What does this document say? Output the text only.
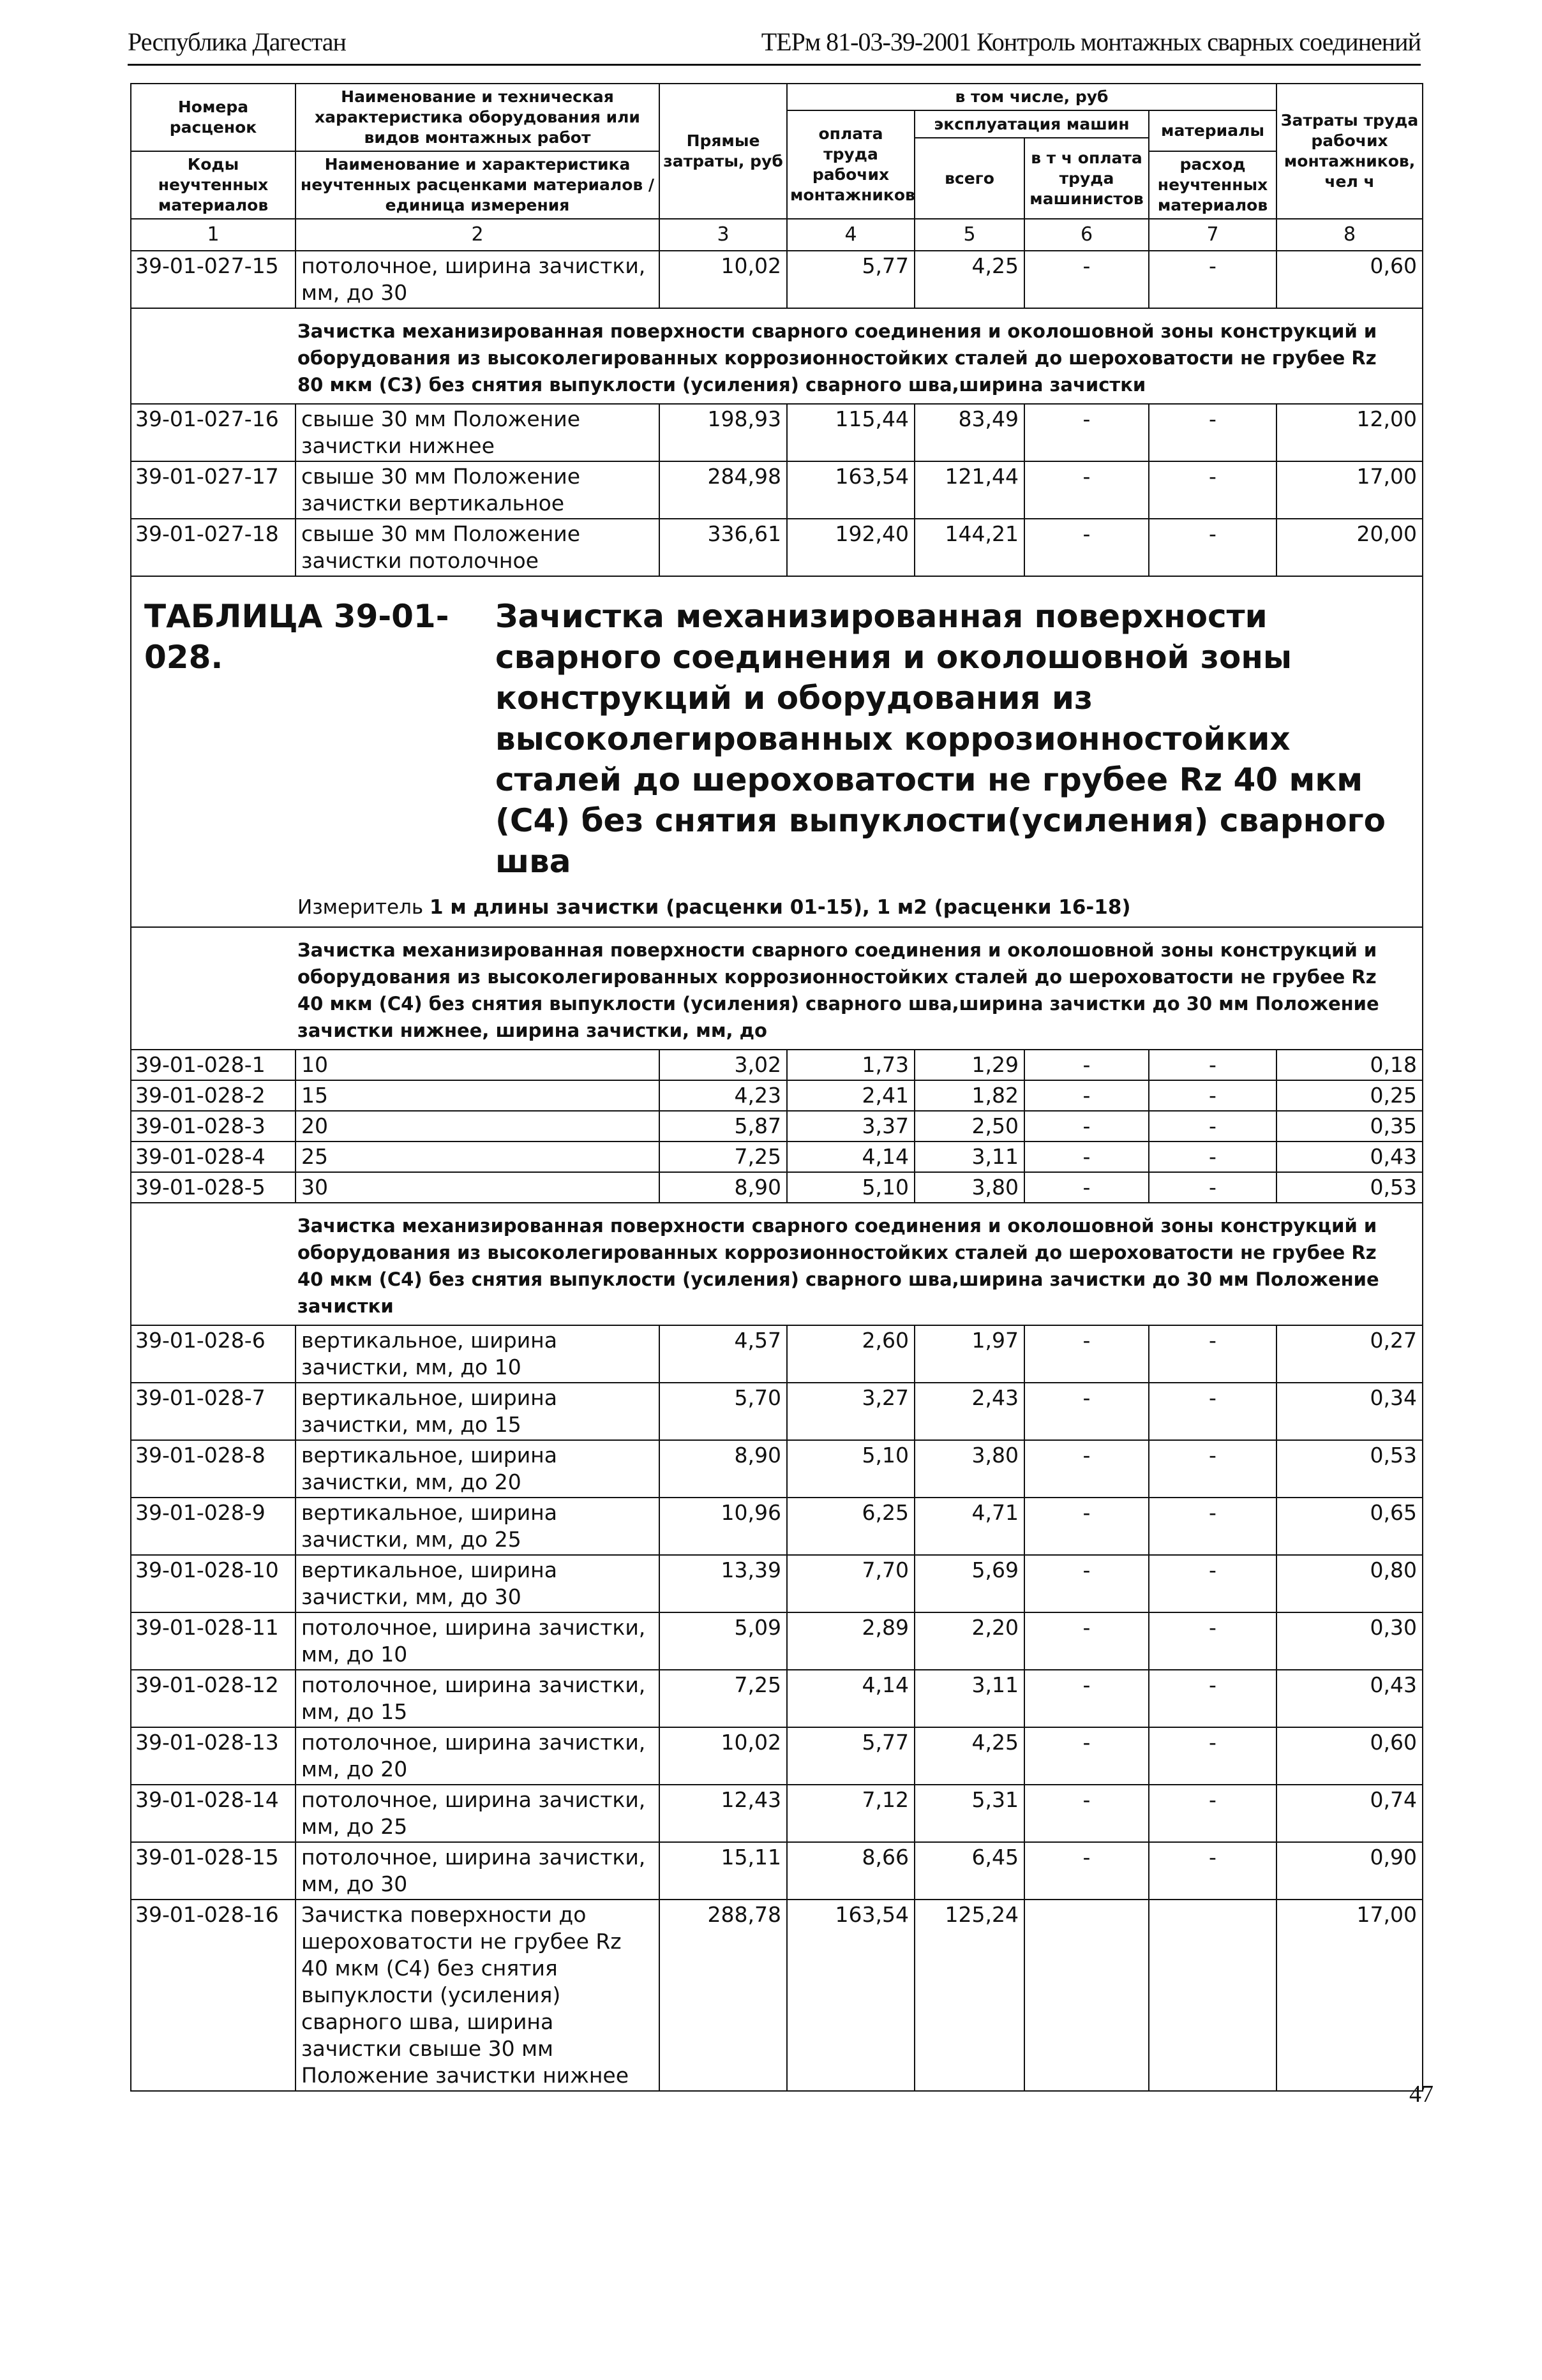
Республика Дагестан	ТЕРм 81-03-39-2001 Контроль монтажных сварных соединений
Номера расценок	Наименование и техническая характеристика оборудования или видов монтажных работ	Прямые затраты, руб	в том числе, руб				Затраты труда рабочих монтажников, чел ч
			оплата труда рабочих монтажников	эксплуатация машин		материалы	
				всего	в т ч оплата труда машинистов		
Коды неучтенных материалов	Наименование и характеристика неучтенных расценками материалов / единица измерения					расход неучтенных материалов	

1	2	3	4	5	6	7	8
39-01-027-15	потолочное, ширина зачистки, мм, до 30	10,02	5,77	4,25	-	-	0,60
Зачистка механизированная поверхности сварного соединения и околошовной зоны конструкций и оборудования из высоколегированных коррозионностойких сталей до шероховатости не грубее Rz 80 мкм (С3) без снятия выпуклости (усиления) сварного шва,ширина зачистки							
39-01-027-16	свыше 30 мм Положение зачистки нижнее	198,93	115,44	83,49	-	-	12,00
39-01-027-17	свыше 30 мм Положение зачистки вертикальное	284,98	163,54	121,44	-	-	17,00
39-01-027-18	свыше 30 мм Положение зачистки потолочное	336,61	192,40	144,21	-	-	20,00

ТАБЛИЦА 39-01-028.
Зачистка механизированная поверхности сварного соединения и околошовной зоны конструкций и оборудования из высоколегированных коррозионностойких сталей до шероховатости не грубее Rz 40 мкм (С4) без снятия выпуклости(усиления) сварного шва
Измеритель 1 м длины зачистки (расценки 01-15), 1 м2 (расценки 16-18)							

Зачистка механизированная поверхности сварного соединения и околошовной зоны конструкций и оборудования из высоколегированных коррозионностойких сталей до шероховатости не грубее Rz 40 мкм (С4) без снятия выпуклости (усиления) сварного шва,ширина зачистки до 30 мм Положение зачистки нижнее, ширина зачистки, мм, до							
39-01-028-1	10	3,02	1,73	1,29	-	-	0,18
39-01-028-2	15	4,23	2,41	1,82	-	-	0,25
39-01-028-3	20	5,87	3,37	2,50	-	-	0,35
39-01-028-4	25	7,25	4,14	3,11	-	-	0,43
39-01-028-5	30	8,90	5,10	3,80	-	-	0,53
Зачистка механизированная поверхности сварного соединения и околошовной зоны конструкций и оборудования из высоколегированных коррозионностойких сталей до шероховатости не грубее Rz 40 мкм (С4) без снятия выпуклости (усиления) сварного шва,ширина зачистки до 30 мм Положение зачистки							
39-01-028-6	вертикальное, ширина зачистки, мм, до 10	4,57	2,60	1,97	-	-	0,27
39-01-028-7	вертикальное, ширина зачистки, мм, до 15	5,70	3,27	2,43	-	-	0,34
39-01-028-8	вертикальное, ширина зачистки, мм, до 20	8,90	5,10	3,80	-	-	0,53
39-01-028-9	вертикальное, ширина зачистки, мм, до 25	10,96	6,25	4,71	-	-	0,65
39-01-028-10	вертикальное, ширина зачистки, мм, до 30	13,39	7,70	5,69	-	-	0,80
39-01-028-11	потолочное, ширина зачистки, мм, до 10	5,09	2,89	2,20	-	-	0,30
39-01-028-12	потолочное, ширина зачистки, мм, до 15	7,25	4,14	3,11	-	-	0,43
39-01-028-13	потолочное, ширина зачистки, мм, до 20	10,02	5,77	4,25	-	-	0,60
39-01-028-14	потолочное, ширина зачистки, мм, до 25	12,43	7,12	5,31	-	-	0,74
39-01-028-15	потолочное, ширина зачистки, мм, до 30	15,11	8,66	6,45	-	-	0,90
39-01-028-16	Зачистка поверхности до шероховатости не грубее Rz 40 мкм (С4) без снятия выпуклости (усиления) сварного шва, ширина зачистки свыше 30 мм Положение зачистки нижнее	288,78	163,54	125,24			17,00
47
